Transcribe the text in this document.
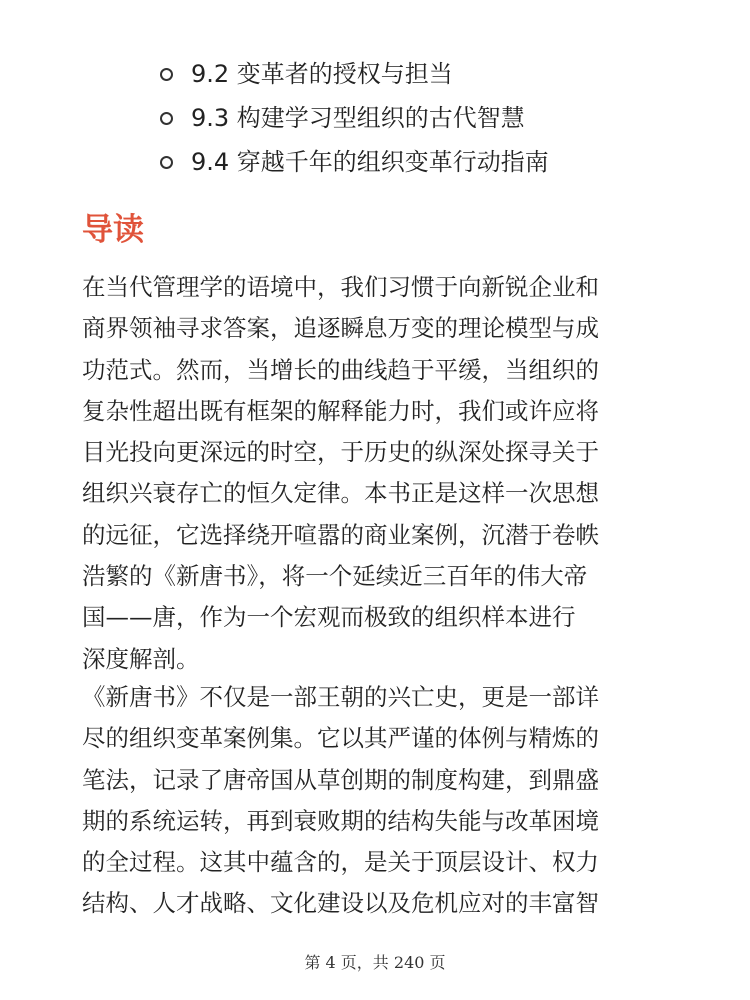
9.2 变革者的授权与担当
9.3 构建学习型组织的古代智慧
9.4 穿越千年的组织变革行动指南
导读

在当代管理学的语境中，我们习惯于向新锐企业和
商界领袖寻求答案，追逐瞬息万变的理论模型与成
功范式。然而，当增长的曲线趋于平缓，当组织的
复杂性超出既有框架的解释能力时，我们或许应将
目光投向更深远的时空，于历史的纵深处探寻关于
组织兴衰存亡的恒久定律。本书正是这样一次思想
的远征，它选择绕开喧嚣的商业案例，沉潜于卷帙
浩繁的《新唐书》，将一个延续近三百年的伟大帝
国——唐，作为一个宏观而极致的组织样本进行
深度解剖。

《新唐书》不仅是一部王朝的兴亡史，更是一部详
尽的组织变革案例集。它以其严谨的体例与精炼的
笔法，记录了唐帝国从草创期的制度构建，到鼎盛
期的系统运转，再到衰败期的结构失能与改革困境
的全过程。这其中蕴含的，是关于顶层设计、权力
结构、人才战略、文化建设以及危机应对的丰富智

第 4 页，共 240 页
